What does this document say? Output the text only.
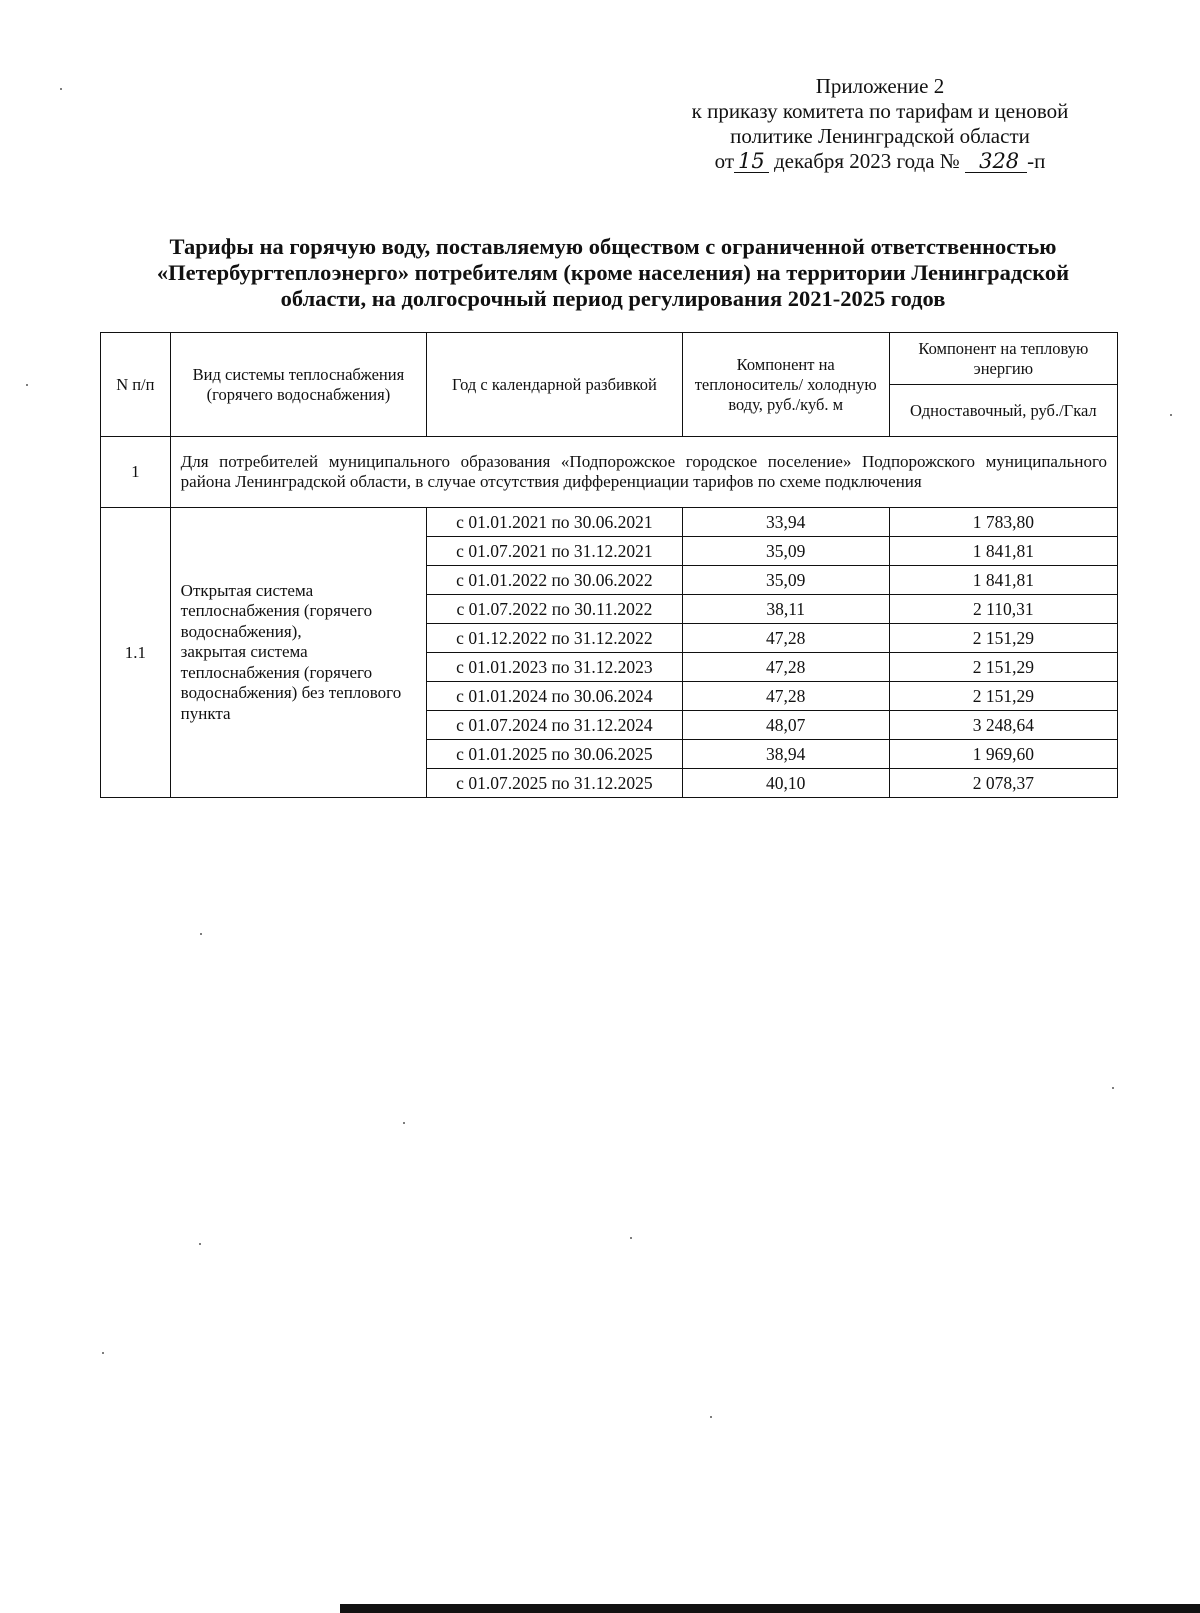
Приложение 2
к приказу комитета по тарифам и ценовой
политике Ленинградской области
от 15 декабря 2023 года № 328 -п
Тарифы на горячую воду, поставляемую обществом с ограниченной ответственностью «Петербургтеплоэнерго» потребителям (кроме населения) на территории Ленинградской области, на долгосрочный период регулирования 2021-2025 годов
N п/п	Вид системы теплоснабжения (горячего водоснабжения)	Год с календарной разбивкой	Компонент на теплоноситель/ холодную воду, руб./куб. м	Компонент на тепловую энергию
				Одноставочный, руб./Гкал
1	Для потребителей муниципального образования «Подпорожское городское поселение» Подпорожского муниципального района Ленинградской области, в случае отсутствия дифференциации тарифов по схеме подключения			
1.1	Открытая система теплоснабжения (горячего водоснабжения),
закрытая система теплоснабжения (горячего водоснабжения) без теплового пункта	с 01.01.2021 по 30.06.2021	33,94	1 783,80
		с 01.07.2021 по 31.12.2021	35,09	1 841,81
		с 01.01.2022 по 30.06.2022	35,09	1 841,81
		с 01.07.2022 по 30.11.2022	38,11	2 110,31
		с 01.12.2022 по 31.12.2022	47,28	2 151,29
		с 01.01.2023 по 31.12.2023	47,28	2 151,29
		с 01.01.2024 по 30.06.2024	47,28	2 151,29
		с 01.07.2024 по 31.12.2024	48,07	3 248,64
		с 01.01.2025 по 30.06.2025	38,94	1 969,60
		с 01.07.2025 по 31.12.2025	40,10	2 078,37
